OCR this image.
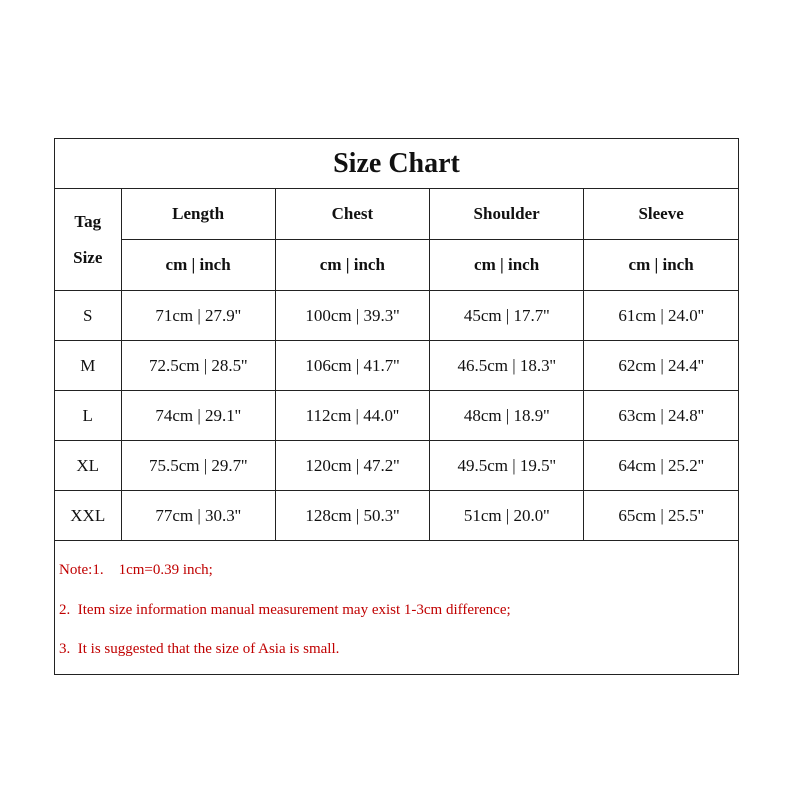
Size Chart
Tag
Size	Length	Chest	Shoulder	Sleeve
	cm | inch	cm | inch	cm | inch	cm | inch
S	71cm | 27.9''	100cm | 39.3''	45cm | 17.7''	61cm | 24.0''
M	72.5cm | 28.5''	106cm | 41.7''	46.5cm | 18.3''	62cm | 24.4''
L	74cm | 29.1''	112cm | 44.0''	48cm | 18.9''	63cm | 24.8''
XL	75.5cm | 29.7''	120cm | 47.2''	49.5cm | 19.5''	64cm | 25.2''
XXL	77cm | 30.3''	128cm | 50.3''	51cm | 20.0''	65cm | 25.5''
Note:1.    1cm=0.39 inch;
2.  Item size information manual measurement may exist 1-3cm difference;
3.  It is suggested that the size of Asia is small.
